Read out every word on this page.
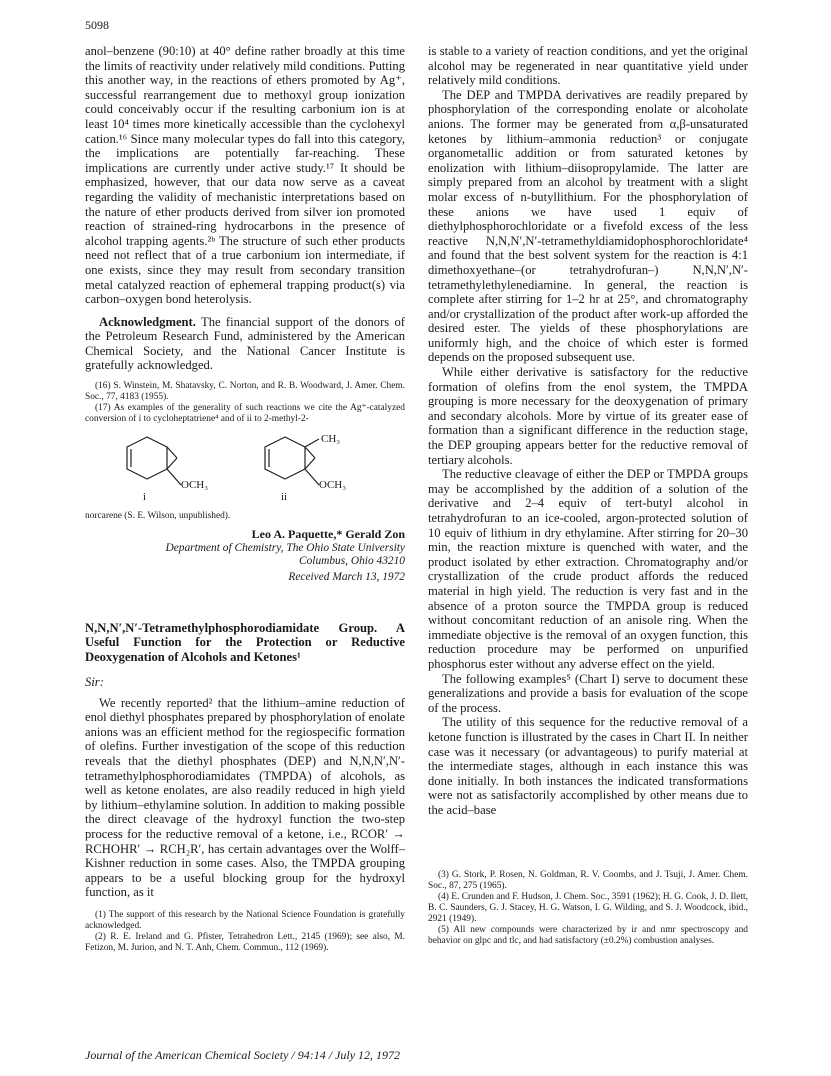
5098

anol–benzene (90:10) at 40° define rather broadly at this time the limits of reactivity under relatively mild conditions. Putting this another way, in the reactions of ethers promoted by Ag⁺, successful rearrangement due to methoxyl group ionization could conceivably occur if the resulting carbonium ion is at least 10⁴ times more kinetically accessible than the cyclohexyl cation.¹⁶ Since many molecular types do fall into this category, the implications are potentially far-reaching. These implications are currently under active study.¹⁷ It should be emphasized, however, that our data now serve as a caveat regarding the validity of mechanistic interpretations based on the nature of ether products derived from silver ion promoted reaction of strained-ring hydrocarbons in the presence of alcohol trapping agents.²ᵇ The structure of such ether products need not reflect that of a true carbonium ion intermediate, if one exists, since they may result from secondary transition metal catalyzed reaction of ephemeral trapping product(s) via carbon–oxygen bond heterolysis.

Acknowledgment. The financial support of the donors of the Petroleum Research Fund, administered by the American Chemical Society, and the National Cancer Institute is gratefully acknowledged.

(16) S. Winstein, M. Shatavsky, C. Norton, and R. B. Woodward, J. Amer. Chem. Soc., 77, 4183 (1955).

(17) As examples of the generality of such reactions we cite the Ag⁺-catalyzed conversion of i to cycloheptatriene⁴ and of ii to 2-methyl-2-

OCH₃
i
CH₃
OCH₃
ii

norcarene (S. E. Wilson, unpublished).

Leo A. Paquette,* Gerald Zon
Department of Chemistry, The Ohio State University
Columbus, Ohio 43210
Received March 13, 1972

N,N,N′,N′-Tetramethylphosphorodiamidate Group. A Useful Function for the Protection or Reductive Deoxygenation of Alcohols and Ketones¹

Sir:

We recently reported² that the lithium–amine reduction of enol diethyl phosphates prepared by phosphorylation of enolate anions was an efficient method for the regiospecific formation of olefins. Further investigation of the scope of this reduction reveals that the diethyl phosphates (DEP) and N,N,N′,N′-tetramethylphosphorodiamidates (TMPDA) of alcohols, as well as ketone enolates, are also readily reduced in high yield by lithium–ethylamine solution. In addition to making possible the direct cleavage of the hydroxyl function the two-step process for the reductive removal of a ketone, i.e., RCOR′ → RCHOHR′ → RCH₂R′, has certain advantages over the Wolff–Kishner reduction in some cases. Also, the TMPDA grouping appears to be a useful blocking group for the hydroxyl function, as it

(1) The support of this research by the National Science Foundation is gratefully acknowledged.

(2) R. E. Ireland and G. Pfister, Tetrahedron Lett., 2145 (1969); see also, M. Fetizon, M. Jurion, and N. T. Anh, Chem. Commun., 112 (1969).

is stable to a variety of reaction conditions, and yet the original alcohol may be regenerated in near quantitative yield under relatively mild conditions.

The DEP and TMPDA derivatives are readily prepared by phosphorylation of the corresponding enolate or alcoholate anions. The former may be generated from α,β-unsaturated ketones by lithium–ammonia reduction³ or conjugate organometallic addition or from saturated ketones by enolization with lithium–diisopropylamide. The latter are simply prepared from an alcohol by treatment with a slight molar excess of n-butyllithium. For the phosphorylation of these anions we have used 1 equiv of diethylphosphorochloridate or a fivefold excess of the less reactive N,N,N′,N′-tetramethyldiamidophosphorochloridate⁴ and found that the best solvent system for the reaction is 4:1 dimethoxyethane–(or tetrahydrofuran–) N,N,N′,N′-tetramethylethylenediamine. In general, the reaction is complete after stirring for 1–2 hr at 25°, and chromatography and/or crystallization of the product after work-up afforded the desired ester. The yields of these phosphorylations are uniformly high, and the choice of which ester is formed depends on the proposed subsequent use.

While either derivative is satisfactory for the reductive formation of olefins from the enol system, the TMPDA grouping is more necessary for the deoxygenation of primary and secondary alcohols. More by virtue of its greater ease of formation than a significant difference in the reduction stage, the DEP grouping appears better for the reductive removal of tertiary alcohols.

The reductive cleavage of either the DEP or TMPDA groups may be accomplished by the addition of a solution of the derivative and 2–4 equiv of tert-butyl alcohol in tetrahydrofuran to an ice-cooled, argon-protected solution of 10 equiv of lithium in dry ethylamine. After stirring for 20–30 min, the reaction mixture is quenched with water, and the product isolated by ether extraction. Chromatography and/or crystallization of the crude product affords the reduced material in high yield. The reduction is very fast and in the absence of a proton source the TMPDA group is reduced without concomitant reduction of an anisole ring. When the immediate objective is the removal of an oxygen function, this reduction procedure may be performed on unpurified phosphorus ester without any adverse effect on the yield.

The following examples⁵ (Chart I) serve to document these generalizations and provide a basis for evaluation of the scope of the process.

The utility of this sequence for the reductive removal of a ketone function is illustrated by the cases in Chart II. In neither case was it necessary (or advantageous) to purify material at the intermediate stages, although in each instance this was done initially. In both instances the indicated transformations were not as satisfactorily accomplished by other means due to the acid–base

(3) G. Stork, P. Rosen, N. Goldman, R. V. Coombs, and J. Tsuji, J. Amer. Chem. Soc., 87, 275 (1965).

(4) E. Crunden and F. Hudson, J. Chem. Soc., 3591 (1962); H. G. Cook, J. D. Ilett, B. C. Saunders, G. J. Stacey, H. G. Watson, I. G. Wilding, and S. J. Woodcock, ibid., 2921 (1949).

(5) All new compounds were characterized by ir and nmr spectroscopy and behavior on glpc and tlc, and had satisfactory (±0.2%) combustion analyses.

Journal of the American Chemical Society / 94:14 / July 12, 1972
